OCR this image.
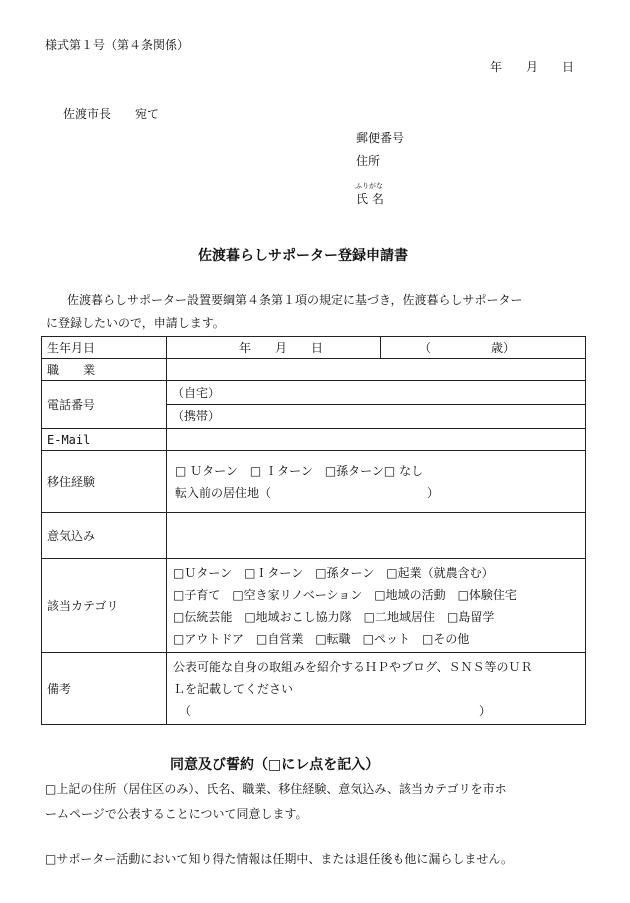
様式第１号（第４条関係）
年　　月　　日
佐渡市長　　宛て
郵便番号
住所
ふりがな
氏 名
佐渡暮らしサポーター登録申請書
佐渡暮らしサポーター設置要綱第４条第１項の規定に基づき，佐渡暮らしサポーター
に登録したいので，申請します。
生年月日	年　　月　　日	（　　　　　歳）
職　　業		
電話番号	（自宅）
（携帯）	

E-Mail		
移住経験	□ Ｕターン　□ Ｉターン　□孫ターン□ なし
転入前の居住地（　　　　　　　　　　　　　）	

意気込み		
該当カテゴリ	□Ｕターン　□Ｉターン　□孫ターン　□起業（就農含む）
□子育て　□空き家リノベーション　□地域の活動　□体験住宅
□伝統芸能　□地域おこし協力隊　□二地域居住　□島留学
□アウトドア　□自営業　□転職　□ペット　□その他	

備考	公表可能な自身の取組みを紹介するＨＰやブログ、ＳＮＳ等のＵＲ
Ｌを記載してください
（　　　　　　　　　　　　　　　　　　　　　　　　）	
同意及び誓約（□にレ点を記入）
□上記の住所（居住区のみ）、氏名、職業、移住経験、意気込み、該当カテゴリを市ホ
ームページで公表することについて同意します。
□サポーター活動において知り得た情報は任期中、または退任後も他に漏らしません。
